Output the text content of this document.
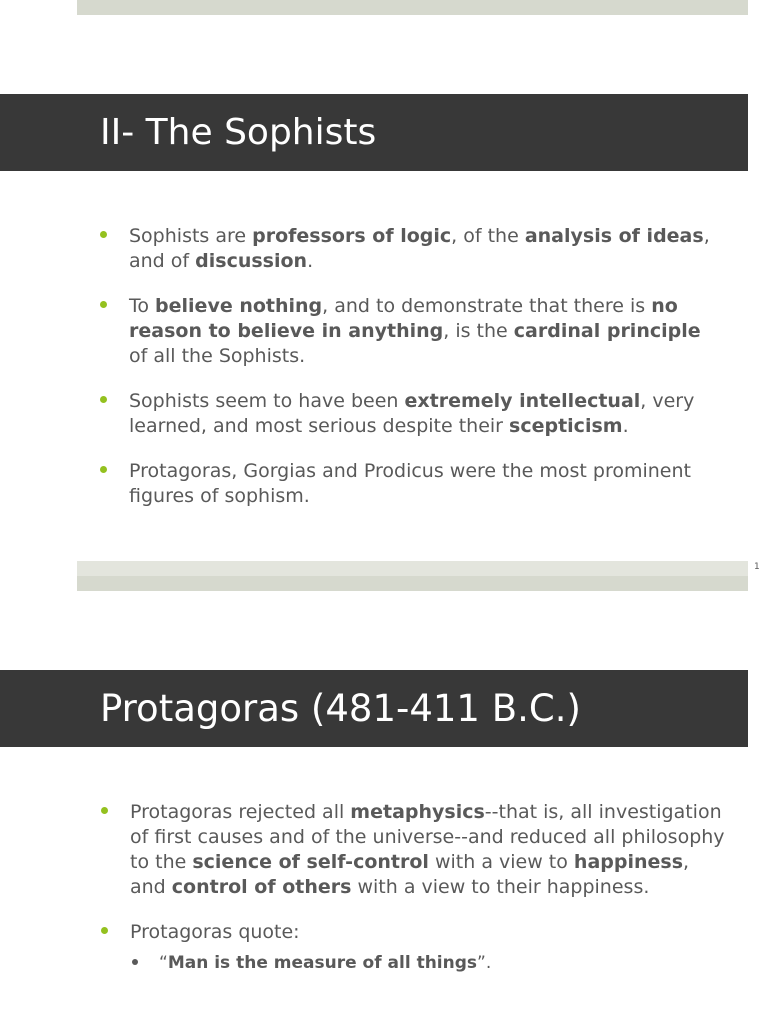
II- The Sophists
Sophists are professors of logic, of the analysis of ideas, and of discussion.
To believe nothing, and to demonstrate that there is no reason to believe in anything, is the cardinal principle of all the Sophists.
Sophists seem to have been extremely intellectual, very learned, and most serious despite their scepticism.
Protagoras, Gorgias and Prodicus were the most prominent figures of sophism.
1
Protagoras (481-411 B.C.)
Protagoras rejected all metaphysics--that is, all investigation of first causes and of the universe--and reduced all philosophy to the science of self-control with a view to happiness, and control of others with a view to their happiness.
Protagoras quote:
“Man is the measure of all things”.
